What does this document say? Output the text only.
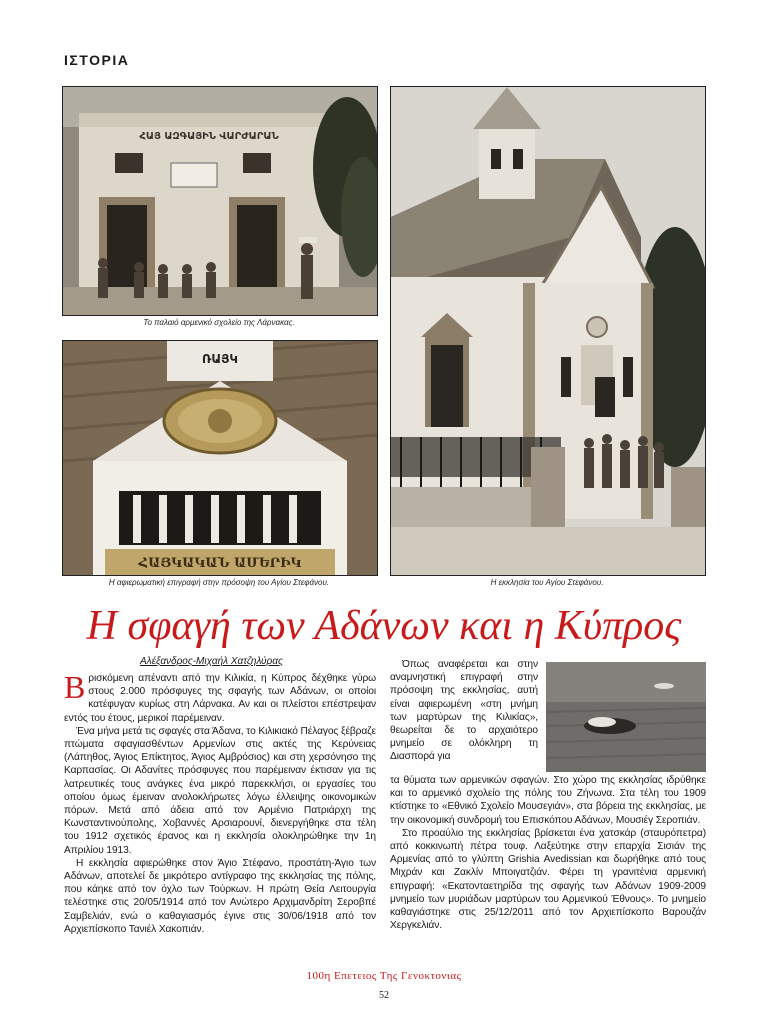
ΙΣΤΟΡΙΑ
ՀԱՅ ԱԶԳԱՅԻՆ ՎԱՐԺԱՐԱՆ
Το παλαιό αρμενικό σχολείο της Λάρνακας.
ՌԱՅԿ
ՀԱՅԿԱԿԱՆ ԱՄԵՐԻԿ
Η αφιερωματική επιγραφή στην πρόσοψη του Αγίου Στεφάνου.	Η εκκλησία του Αγίου Στεφάνου.
Η σφαγή των Αδάνων και η Κύπρος
Αλέξανδρος-Μιχαήλ Χατζηλύρας

Βρισκόμενη απέναντι από την Κιλικία, η Κύπρος δέχθηκε γύρω στους 2.000 πρόσφυγες της σφαγής των Αδάνων, οι οποίοι κατέφυγαν κυρίως στη Λάρνακα. Αν και οι πλείστοι επέστρεψαν εντός του έτους, μερικοί παρέμειναν.

Ένα μήνα μετά τις σφαγές στα Άδανα, το Κιλικιακό Πέλαγος ξέβραζε πτώματα σφαγιασθέντων Αρμενίων στις ακτές της Κερύνειας (Λάπηθος, Άγιος Επίκτητος, Άγιος Αμβρόσιος) και στη χερσόνησο της Καρπασίας. Οι Αδανίτες πρόσφυγες που παρέμειναν έκτισαν για τις λατρευτικές τους ανάγκες ένα μικρό παρεκκλήσι, οι εργασίες του οποίου όμως έμειναν ανολοκλήρωτες λόγω έλλειψης οικονομικών πόρων. Μετά από άδεια από τον Αρμένιο Πατριάρχη της Κωνσταντινούπολης, Χοβαννές Αρσιαρουνί, διενεργήθηκε στα τέλη του 1912 σχετικός έρανος και η εκκλησία ολοκληρώθηκε την 1η Απριλίου 1913.

Η εκκλησία αφιερώθηκε στον Άγιο Στέφανο, προστάτη-Άγιο των Αδάνων, αποτελεί δε μικρότερο αντίγραφο της εκκλησίας της πόλης, που κάηκε από τον όχλο των Τούρκων. Η πρώτη Θεία Λειτουργία τελέστηκε στις 20/05/1914 από τον Ανώτερο Αρχιμανδρίτη Σεροβπέ Σαμβελιάν, ενώ ο καθαγιασμός έγινε στις 30/06/1918 από τον Αρχιεπίσκοπο Τανιέλ Χακοπιάν.

Όπως αναφέρεται και στην αναμνηστική επιγραφή στην πρόσοψη της εκκλησίας, αυτή είναι αφιερωμένη «στη μνήμη των μαρτύρων της Κιλικίας», θεωρείται δε το αρχαιότερο μνημείο σε ολόκληρη τη Διασπορά για

τα θύματα των αρμενικών σφαγών. Στο χώρο της εκκλησίας ιδρύθηκε και το αρμενικό σχολείο της πόλης του Ζήνωνα. Στα τέλη του 1909 κτίστηκε το «Εθνικό Σχολείο Μουσεγιάν», στα βόρεια της εκκλησίας, με την οικονομική συνδρομή του Επισκόπου Αδάνων, Μουσιέγ Σεροπιάν.

Στο προαύλιο της εκκλησίας βρίσκεται ένα χατσκάρ (σταυρόπετρα) από κοκκινωπή πέτρα τουφ. Λαξεύτηκε στην επαρχία Σισιάν της Αρμενίας από το γλύπτη Grishia Avedissian και δωρήθηκε από τους Μιχράν και Ζακλίν Μποιγατζιάν. Φέρει τη γρανιτένια αρμενική επιγραφή: «Εκατονταετηρίδα της σφαγής των Αδάνων 1909-2009 μνημείο των μυριάδων μαρτύρων του Αρμενικού Έθνους». Το μνημείο καθαγιάστηκε στις 25/12/2011 από τον Αρχιεπίσκοπο Βαρουζάν Χεργκελιάν.

100η Επετειος Της Γενοκτονιας
52
